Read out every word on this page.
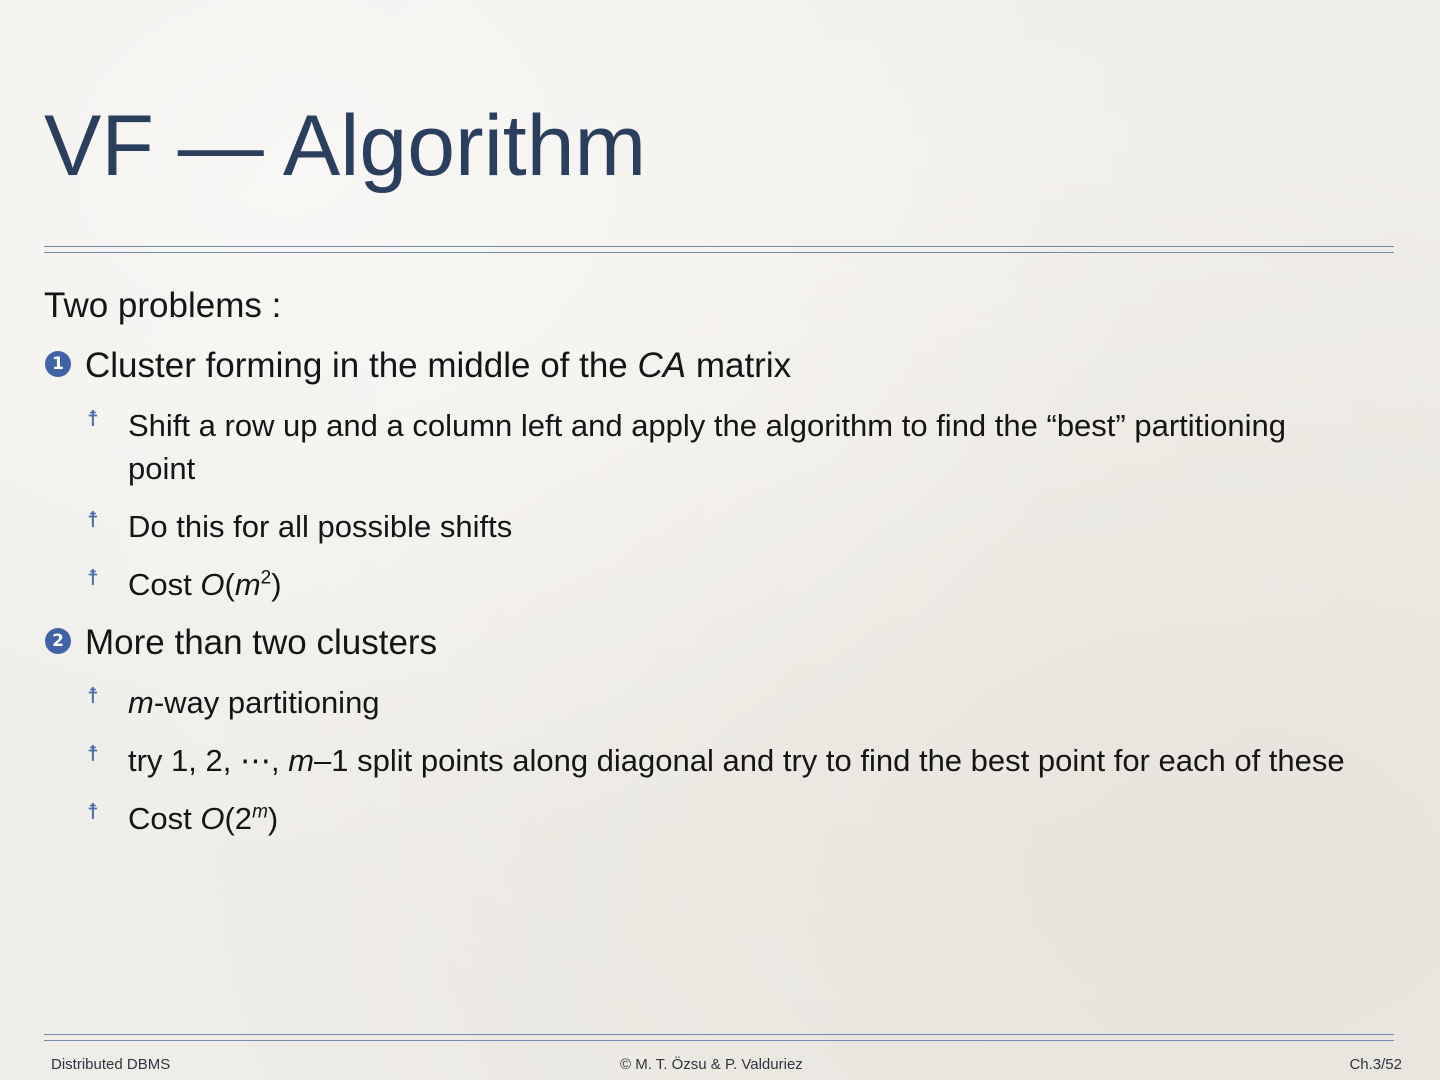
VF — Algorithm
Two problems :
1 Cluster forming in the middle of the CA matrix
☨ Shift a row up and a column left and apply the algorithm to find the “best” partitioning point
☨ Do this for all possible shifts
☨ Cost $O(m^2)$
2 More than two clusters
☨ m-way partitioning
☨ try 1, 2, ⋯, m–1 split points along diagonal and try to find the best point for each of these
☨ Cost O(2$^m$)
Distributed DBMS	© M. T. Özsu & P. Valduriez	Ch.3/52
